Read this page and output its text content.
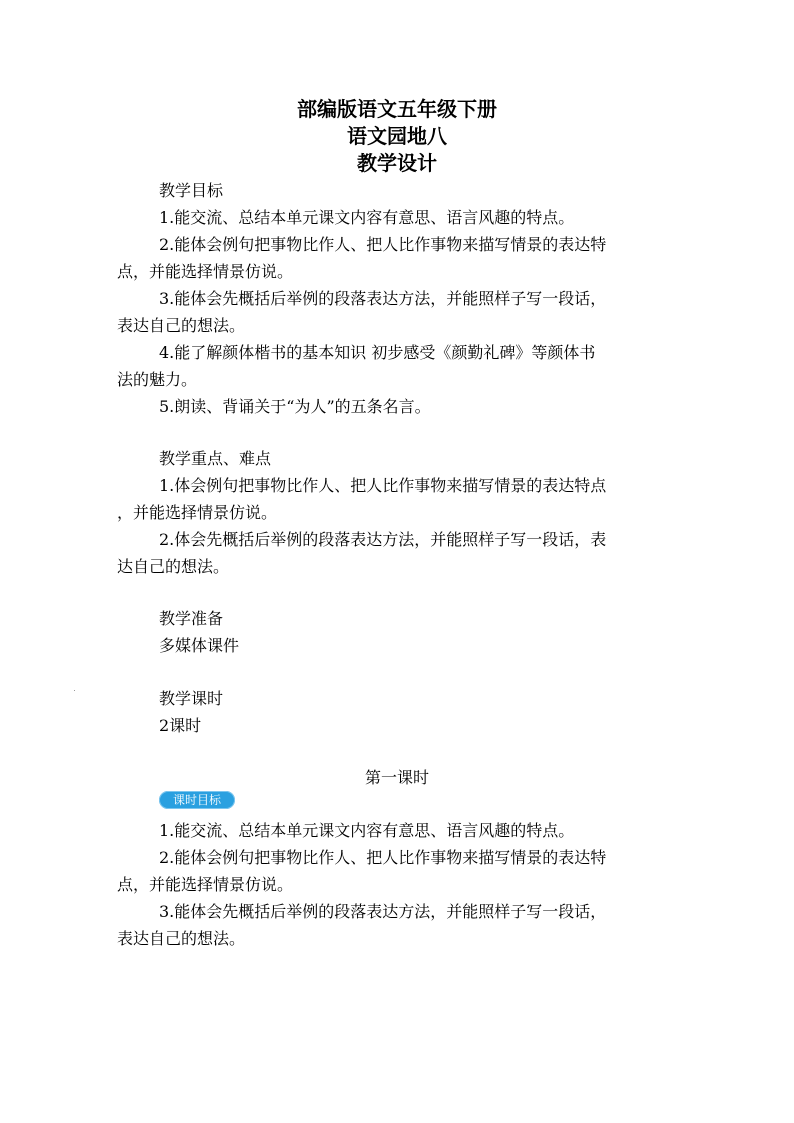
部编版语文五年级下册
语文园地八
教学设计
教学目标
1.能交流、总结本单元课文内容有意思、语言风趣的特点。
2.能体会例句把事物比作人、把人比作事物来描写情景的表达特
点，并能选择情景仿说。
3.能体会先概括后举例的段落表达方法，并能照样子写一段话，
表达自己的想法。
4.能了解颜体楷书的基本知识 初步感受《颜勤礼碑》等颜体书
法的魅力。
5.朗读、背诵关于“为人”的五条名言。
教学重点、难点
1.体会例句把事物比作人、把人比作事物来描写情景的表达特点
，并能选择情景仿说。
2.体会先概括后举例的段落表达方法，并能照样子写一段话，表
达自己的想法。
教学准备
多媒体课件
教学课时
2课时
第一课时
课时目标
1.能交流、总结本单元课文内容有意思、语言风趣的特点。
2.能体会例句把事物比作人、把人比作事物来描写情景的表达特
点，并能选择情景仿说。
3.能体会先概括后举例的段落表达方法，并能照样子写一段话，
表达自己的想法。
